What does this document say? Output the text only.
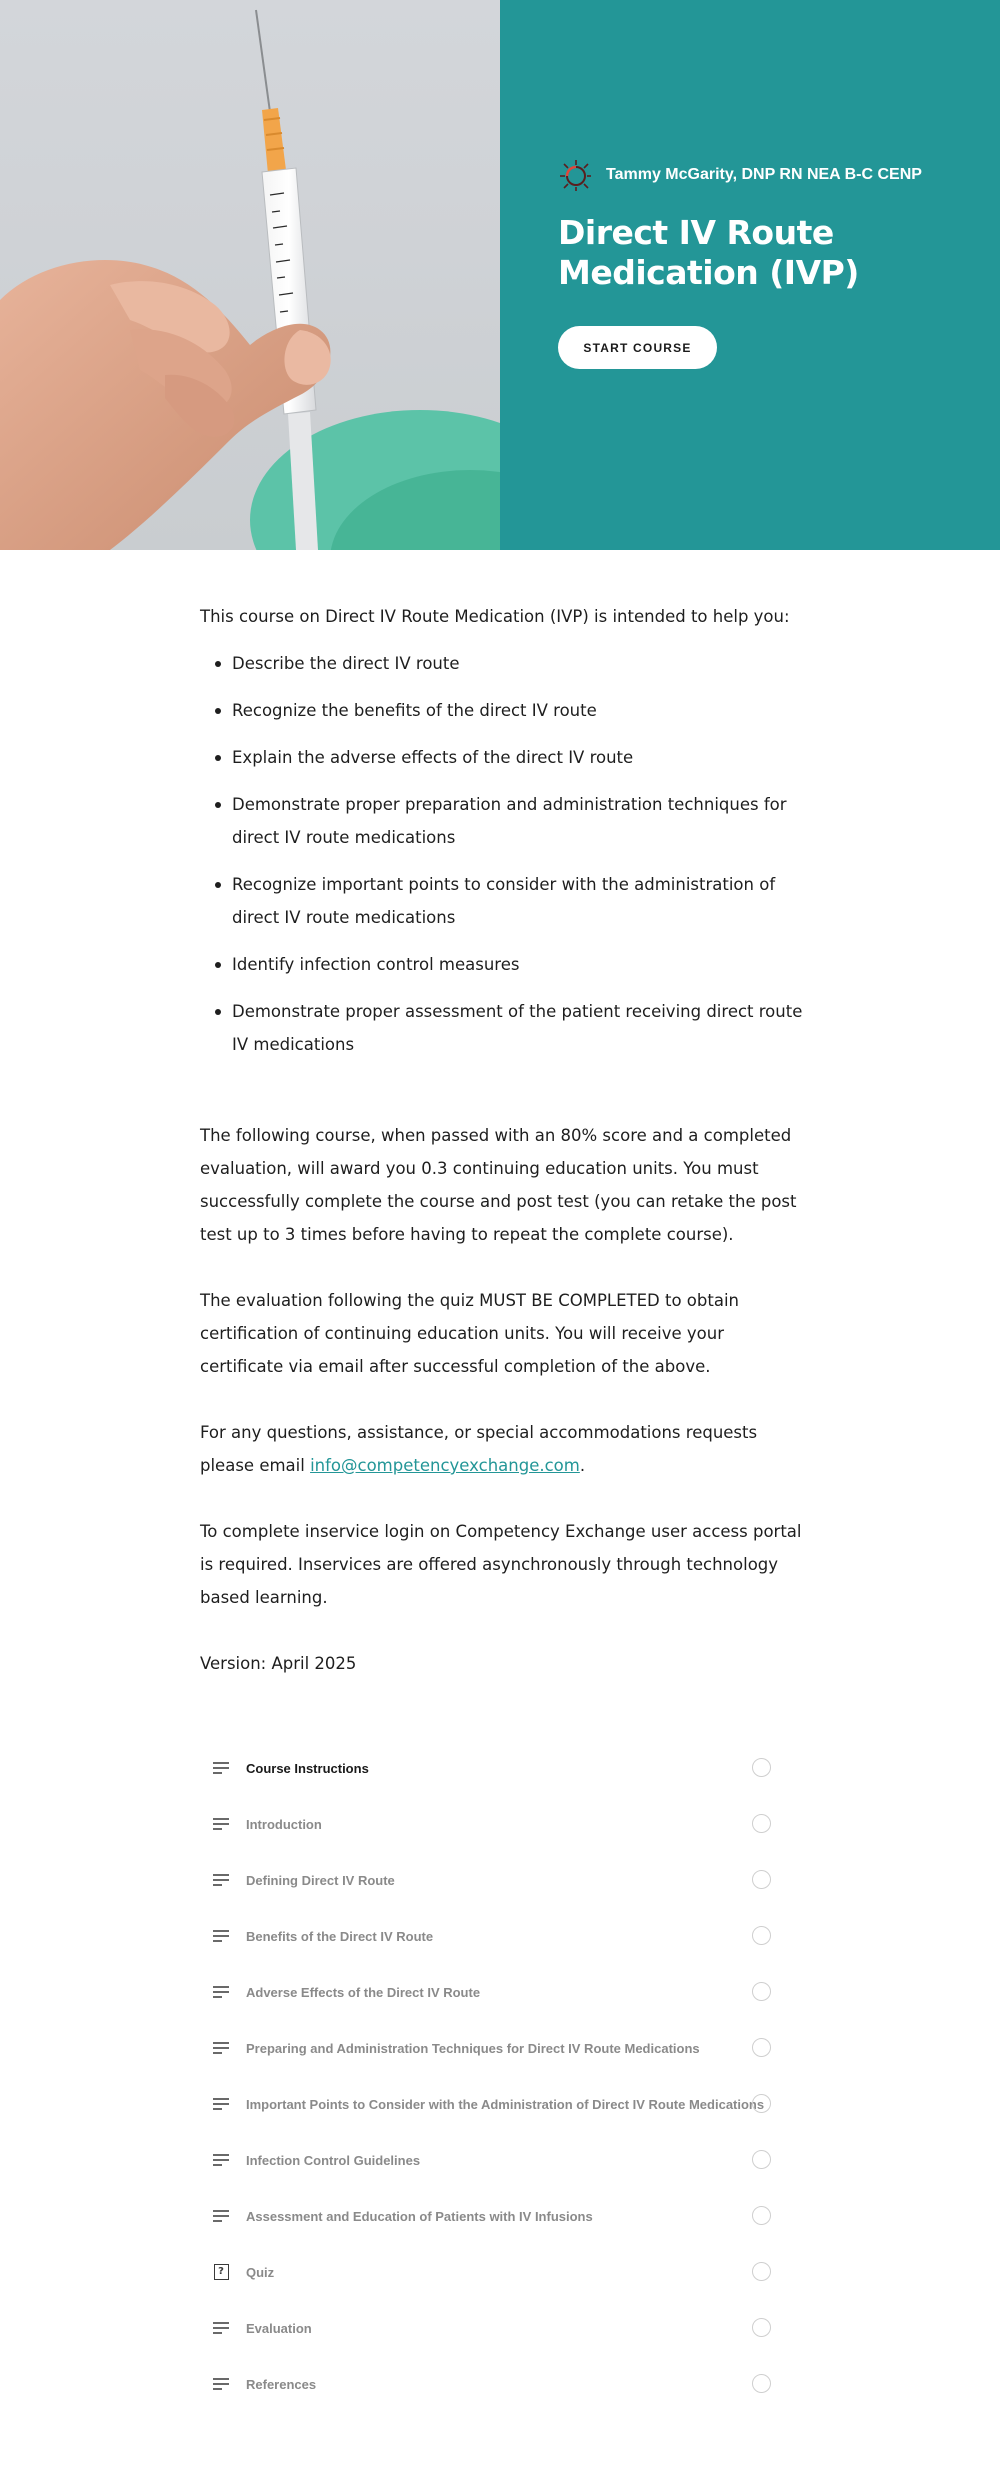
Tammy McGarity, DNP RN NEA B-C CENP
Direct IV Route Medication (IVP)
START COURSE

This course on Direct IV Route Medication (IVP) is intended to help you:

Describe the direct IV route
Recognize the benefits of the direct IV route
Explain the adverse effects of the direct IV route
Demonstrate proper preparation and administration techniques for direct IV route medications
Recognize important points to consider with the administration of direct IV route medications
Identify infection control measures
Demonstrate proper assessment of the patient receiving direct route IV medications

The following course, when passed with an 80% score and a completed evaluation, will award you 0.3 continuing education units. You must successfully complete the course and post test (you can retake the post test up to 3 times before having to repeat the complete course).

The evaluation following the quiz MUST BE COMPLETED to obtain certification of continuing education units. You will receive your certificate via email after successful completion of the above.

For any questions, assistance, or special accommodations requests please email info@competencyexchange.com.

To complete inservice login on Competency Exchange user access portal is required. Inservices are offered asynchronously through technology based learning.

Version: April 2025

Course Instructions
Introduction
Defining Direct IV Route
Benefits of the Direct IV Route
Adverse Effects of the Direct IV Route
Preparing and Administration Techniques for Direct IV Route Medications
Important Points to Consider with the Administration of Direct IV Route Medications
Infection Control Guidelines
Assessment and Education of Patients with IV Infusions
?	Quiz
Evaluation
References
